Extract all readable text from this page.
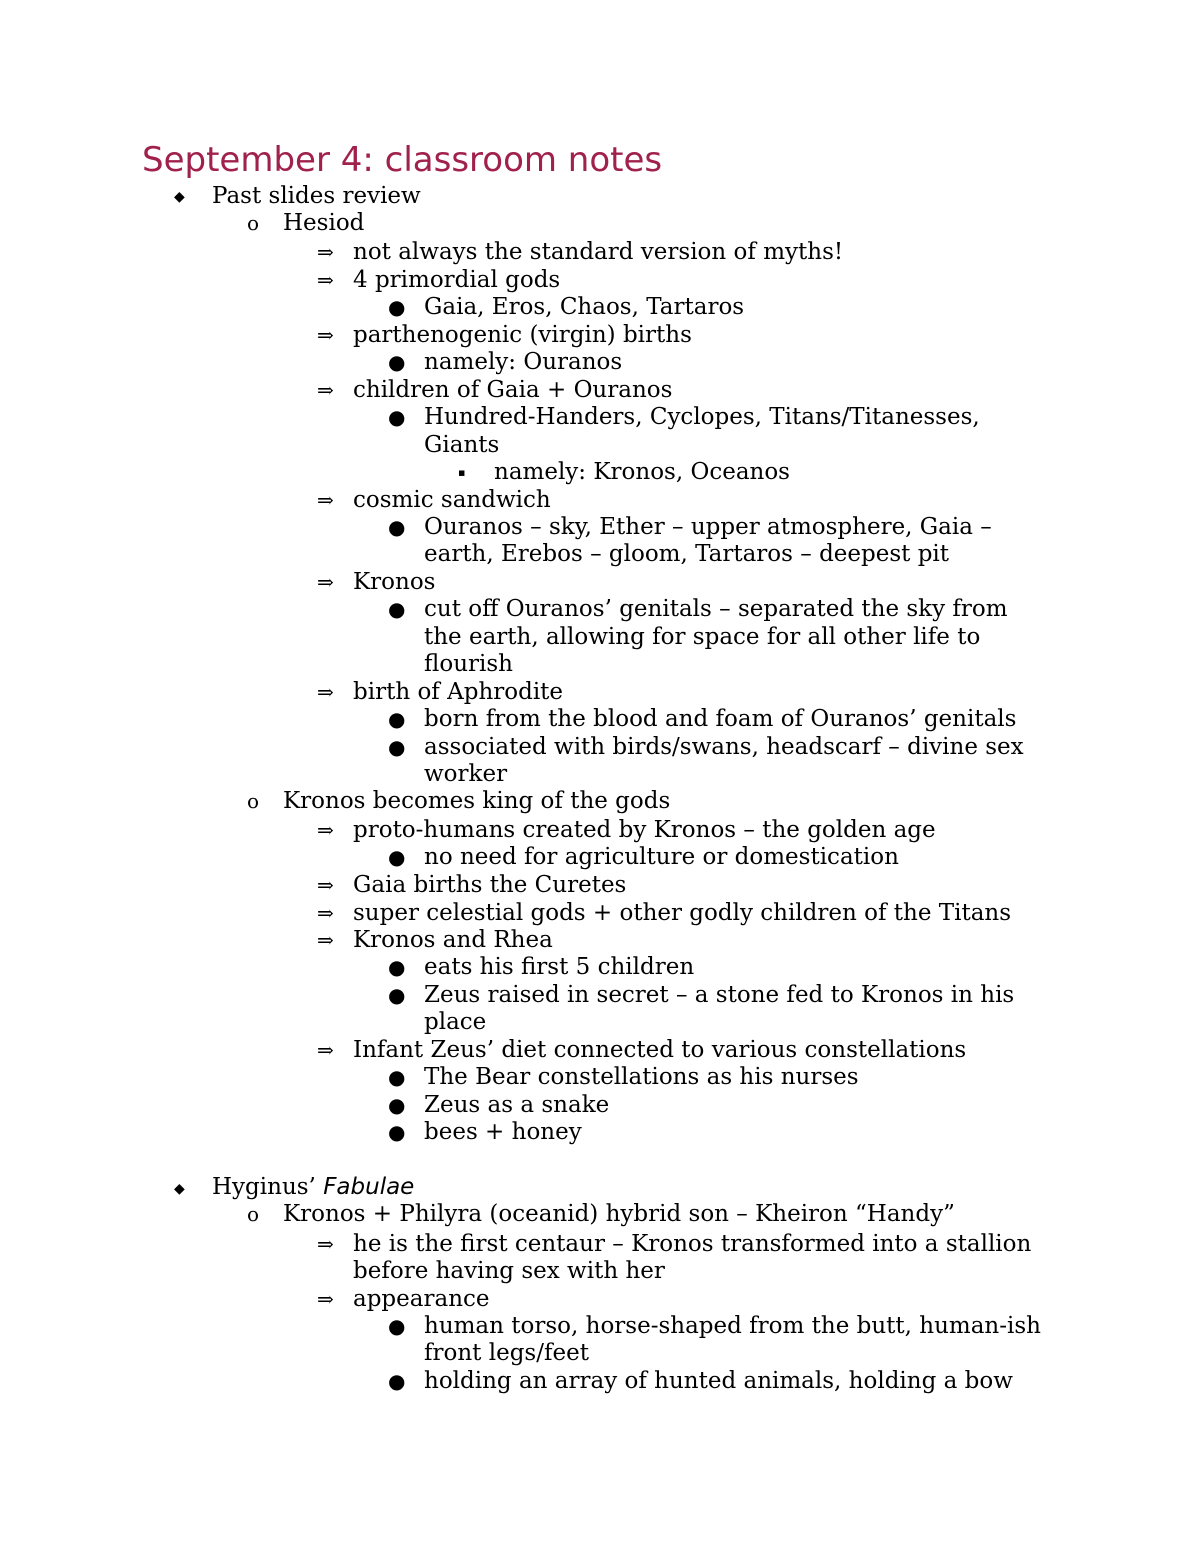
September 4: classroom notes
◆ Past slides review
o Hesiod
⇒ not always the standard version of myths!
⇒ 4 primordial gods
● Gaia, Eros, Chaos, Tartaros
⇒ parthenogenic (virgin) births
● namely: Ouranos
⇒ children of Gaia + Ouranos
● Hundred-Handers, Cyclopes, Titans/Titanesses,
Giants
▪ namely: Kronos, Oceanos
⇒ cosmic sandwich
● Ouranos – sky, Ether – upper atmosphere, Gaia –
earth, Erebos – gloom, Tartaros – deepest pit
⇒ Kronos
● cut off Ouranos’ genitals – separated the sky from
the earth, allowing for space for all other life to
flourish
⇒ birth of Aphrodite
● born from the blood and foam of Ouranos’ genitals
● associated with birds/swans, headscarf – divine sex
worker
o Kronos becomes king of the gods
⇒ proto-humans created by Kronos – the golden age
● no need for agriculture or domestication
⇒ Gaia births the Curetes
⇒ super celestial gods + other godly children of the Titans
⇒ Kronos and Rhea
● eats his first 5 children
● Zeus raised in secret – a stone fed to Kronos in his
place
⇒ Infant Zeus’ diet connected to various constellations
● The Bear constellations as his nurses
● Zeus as a snake
● bees + honey
◆ Hyginus’ Fabulae
o Kronos + Philyra (oceanid) hybrid son – Kheiron “Handy”
⇒ he is the first centaur – Kronos transformed into a stallion
before having sex with her
⇒ appearance
● human torso, horse-shaped from the butt, human-ish
front legs/feet
● holding an array of hunted animals, holding a bow
